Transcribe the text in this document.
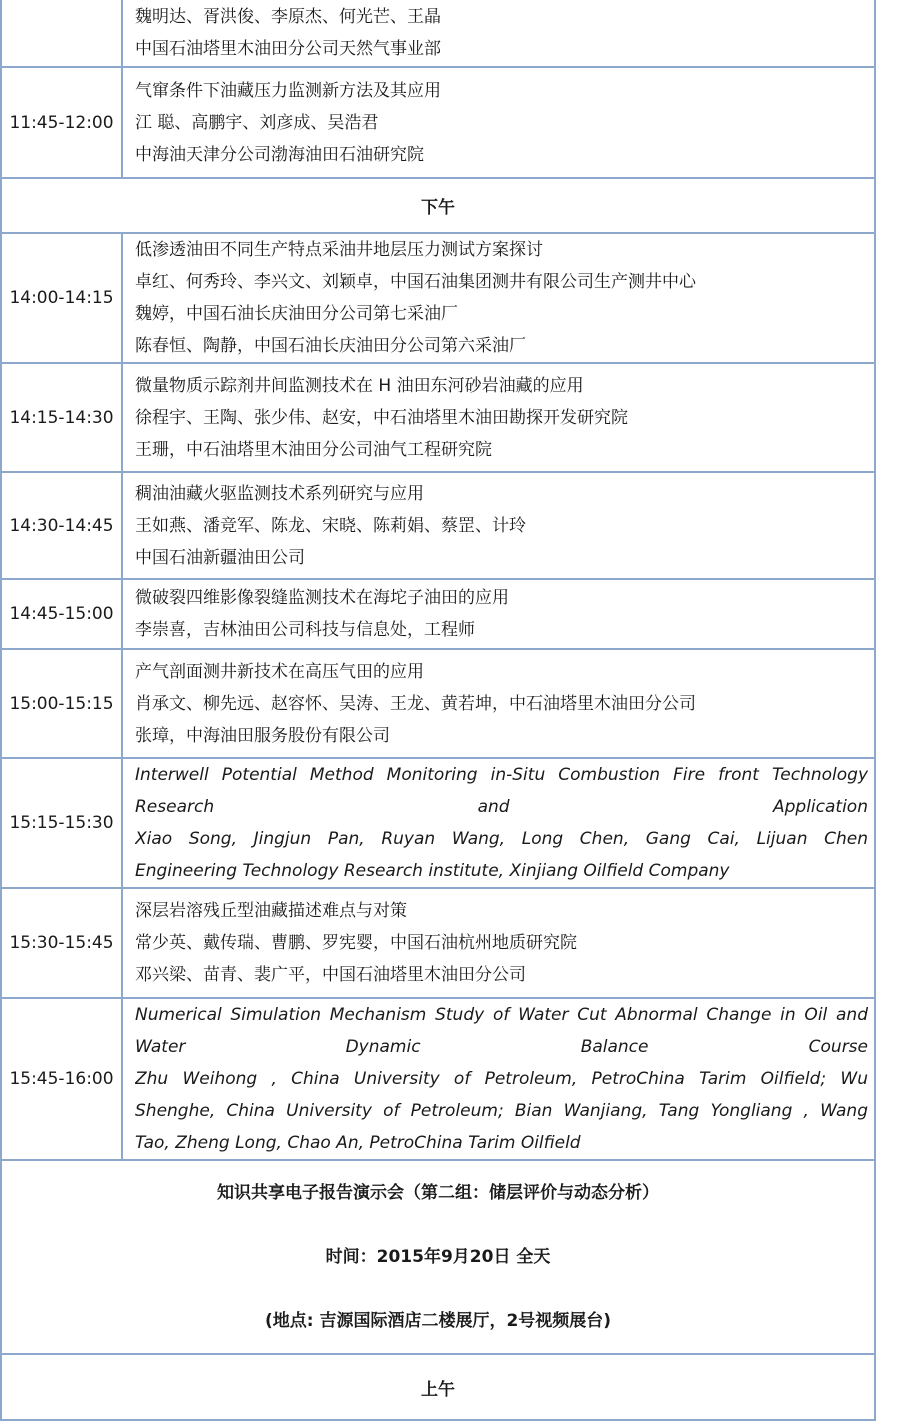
	魏明达、胥洪俊、李原杰、何光芒、王晶
中国石油塔里木油田分公司天然气事业部

11:45-12:00	气窜条件下油藏压力监测新方法及其应用
江 聪、高鹏宇、刘彦成、吴浩君
中海油天津分公司渤海油田石油研究院

下午	
14:00-14:15	低渗透油田不同生产特点采油井地层压力测试方案探讨
卓红、何秀玲、李兴文、刘颖卓，中国石油集团测井有限公司生产测井中心
魏婷，中国石油长庆油田分公司第七采油厂
陈春恒、陶静，中国石油长庆油田分公司第六采油厂

14:15-14:30	微量物质示踪剂井间监测技术在 H 油田东河砂岩油藏的应用
徐程宇、王陶、张少伟、赵安，中石油塔里木油田勘探开发研究院
王珊，中石油塔里木油田分公司油气工程研究院

14:30-14:45	稠油油藏火驱监测技术系列研究与应用
王如燕、潘竞军、陈龙、宋晓、陈莉娟、蔡罡、计玲
中国石油新疆油田公司

14:45-15:00	微破裂四维影像裂缝监测技术在海坨子油田的应用
李崇喜，吉林油田公司科技与信息处，工程师

15:00-15:15	产气剖面测井新技术在高压气田的应用
肖承文、柳先远、赵容怀、吴涛、王龙、黄若坤，中石油塔里木油田分公司
张璋，中海油田服务股份有限公司

15:15-15:30	Interwell Potential Method Monitoring in-Situ Combustion Fire front Technology
Research and Application
Xiao Song, Jingjun Pan, Ruyan Wang, Long Chen, Gang Cai, Lijuan Chen
Engineering Technology Research institute, Xinjiang Oilfield Company

15:30-15:45	深层岩溶残丘型油藏描述难点与对策
常少英、戴传瑞、曹鹏、罗宪婴，中国石油杭州地质研究院
邓兴梁、苗青、裴广平，中国石油塔里木油田分公司

15:45-16:00	Numerical Simulation Mechanism Study of Water Cut Abnormal Change in Oil and
Water Dynamic Balance Course
Zhu Weihong , China University of Petroleum, PetroChina Tarim Oilfield; Wu
Shenghe, China University of Petroleum; Bian Wanjiang, Tang Yongliang , Wang
Tao, Zheng Long, Chao An, PetroChina Tarim Oilfield

知识共享电子报告演示会（第二组：储层评价与动态分析）
时间：2015年9月20日 全天
(地点: 吉源国际酒店二楼展厅，2号视频展台)	

上午	
